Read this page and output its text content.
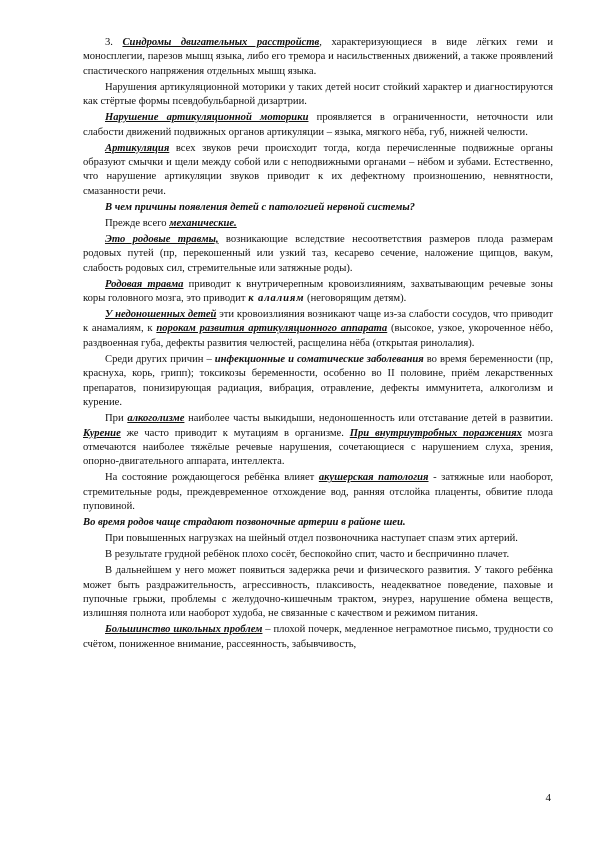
3. Синдромы двигательных расстройств, характеризующиеся в виде лёгких геми и моносплегии, парезов мышц языка, либо его тремора и насильственных движений, а также проявлений спастического напряжения отдельных мышц языка.

Нарушения артикуляционной моторики у таких детей носит стойкий характер и диагностируются как стёртые формы псевдобульбарной дизартрии.

Нарушение артикуляционной моторики проявляется в ограниченности, неточности или слабости движений подвижных органов артикуляции – языка, мягкого нёба, губ, нижней челюсти.

Артикуляция всех звуков речи происходит тогда, когда перечисленные подвижные органы образуют смычки и щели между собой или с неподвижными органами – нёбом и зубами. Естественно, что нарушение артикуляции звуков приводит к их дефектному произношению, невнятности, смазанности речи.

В чем причины появления детей с патологией нервной системы?

Прежде всего механические.

Это родовые травмы, возникающие вследствие несоответствия размеров плода размерам родовых путей (пр, перекошенный или узкий таз, кесарево сечение, наложение щипцов, вакум, слабость родовых сил, стремительные или затяжные роды).

Родовая травма приводит к внутричерепным кровоизлияниям, захватывающим речевые зоны коры головного мозга, это приводит к алалиям (неговорящим детям).

У недоношенных детей эти кровоизлияния возникают чаще из-за слабости сосудов, что приводит к анамалиям, к порокам развития артикуляционного аппарата (высокое, узкое, укороченное нёбо, раздвоенная губа, дефекты развития челюстей, расщелина нёба (открытая ринолалия).

Среди других причин – инфекционные и соматические заболевания во время беременности (пр, краснуха, корь, грипп); токсикозы беременности, особенно во II половине, приём лекарственных препаратов, понизирующая радиация, вибрация, отравление, дефекты иммунитета, алкоголизм и курение.

При алкоголизме наиболее часты выкидыши, недоношенность или отставание детей в развитии. Курение же часто приводит к мутациям в организме. При внутриутробных поражениях мозга отмечаются наиболее тяжёлые речевые нарушения, сочетающиеся с нарушением слуха, зрения, опорно-двигательного аппарата, интеллекта.

На состояние рождающегося ребёнка влияет акушерская патология - затяжные или наоборот, стремительные роды, преждевременное отхождение вод, ранняя отслойка плаценты, обвитие плода пуповиной.

Во время родов чаще страдают позвоночные артерии в районе шеи.

При повышенных нагрузках на шейный отдел позвоночника наступает спазм этих артерий.

В результате грудной ребёнок плохо сосёт, беспокойно спит, часто и беспричинно плачет.

В дальнейшем у него может появиться задержка речи и физического развития. У такого ребёнка может быть раздражительность, агрессивность, плаксивость, неадекватное поведение, паховые и пупочные грыжи, проблемы с желудочно-кишечным трактом, энурез, нарушение обмена веществ, излишняя полнота или наоборот худоба, не связанные с качеством и режимом питания.

Большинство школьных проблем – плохой почерк, медленное неграмотное письмо, трудности со счётом, пониженное внимание, рассеянность, забывчивость,

4
